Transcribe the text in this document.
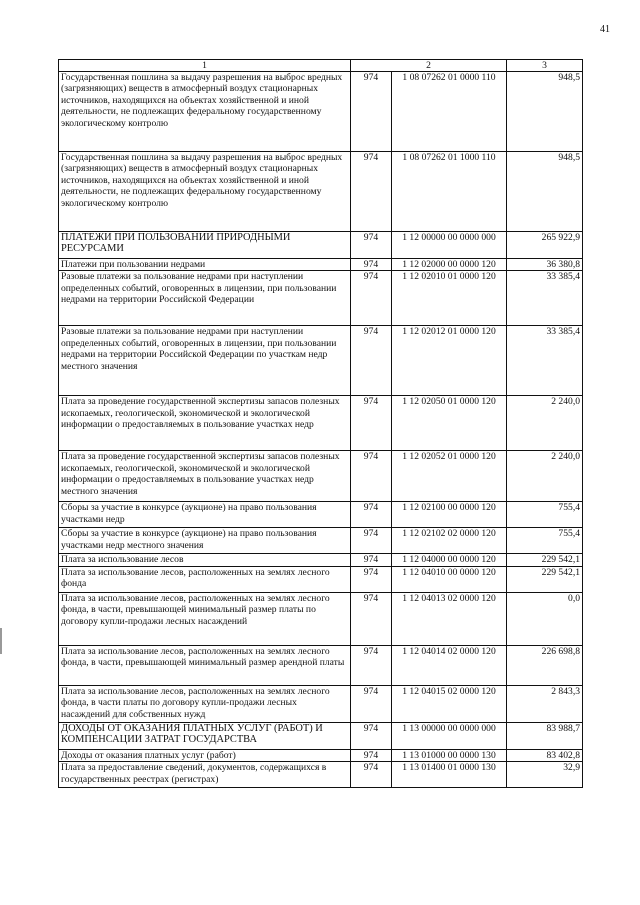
41
1	2		3
Государственная пошлина за выдачу разрешения на выброс вредных (загрязняющих) веществ в атмосферный воздух стационарных источников, находящихся на объектах хозяйственной и иной деятельности, не подлежащих федеральному государственному экологическому контролю	974	1 08 07262 01 0000 110	948,5
Государственная пошлина за выдачу разрешения на выброс вредных (загрязняющих) веществ в атмосферный воздух стационарных источников, находящихся на объектах хозяйственной и иной деятельности, не подлежащих федеральному государственному экологическому контролю	974	1 08 07262 01 1000 110	948,5
ПЛАТЕЖИ ПРИ ПОЛЬЗОВАНИИ ПРИРОДНЫМИ РЕСУРСАМИ	974	1 12 00000 00 0000 000	265 922,9
Платежи при пользовании недрами	974	1 12 02000 00 0000 120	36 380,8
Разовые платежи за пользование недрами при наступлении определенных событий, оговоренных в лицензии, при пользовании недрами на территории Российской Федерации	974	1 12 02010 01 0000 120	33 385,4
Разовые платежи за пользование недрами при наступлении определенных событий, оговоренных в лицензии, при пользовании недрами на территории Российской Федерации по участкам недр местного значения	974	1 12 02012 01 0000 120	33 385,4
Плата за проведение государственной экспертизы запасов полезных ископаемых, геологической, экономической и экологической информации о предоставляемых в пользование участках недр	974	1 12 02050 01 0000 120	2 240,0
Плата за проведение государственной экспертизы запасов полезных ископаемых, геологической, экономической и экологической информации о предоставляемых в пользование участках недр местного значения	974	1 12 02052 01 0000 120	2 240,0
Сборы за участие в конкурсе (аукционе) на право пользования участками недр	974	1 12 02100 00 0000 120	755,4
Сборы за участие в конкурсе (аукционе) на право пользования участками недр местного значения	974	1 12 02102 02 0000 120	755,4
Плата за использование лесов	974	1 12 04000 00 0000 120	229 542,1
Плата за использование лесов, расположенных на землях лесного фонда	974	1 12 04010 00 0000 120	229 542,1
Плата за использование лесов, расположенных на землях лесного фонда, в части, превышающей минимальный размер платы по договору купли-продажи лесных насаждений	974	1 12 04013 02 0000 120	0,0
Плата за использование лесов, расположенных на землях лесного фонда, в части, превышающей минимальный размер арендной платы	974	1 12 04014 02 0000 120	226 698,8
Плата за использование лесов, расположенных на землях лесного фонда, в части платы по договору купли-продажи лесных насаждений для собственных нужд	974	1 12 04015 02 0000 120	2 843,3
ДОХОДЫ ОТ ОКАЗАНИЯ ПЛАТНЫХ УСЛУГ (РАБОТ) И КОМПЕНСАЦИИ ЗАТРАТ ГОСУДАРСТВА	974	1 13 00000 00 0000 000	83 988,7
Доходы от оказания платных услуг (работ)	974	1 13 01000 00 0000 130	83 402,8
Плата за предоставление сведений, документов, содержащихся в государственных реестрах (регистрах)	974	1 13 01400 01 0000 130	32,9
